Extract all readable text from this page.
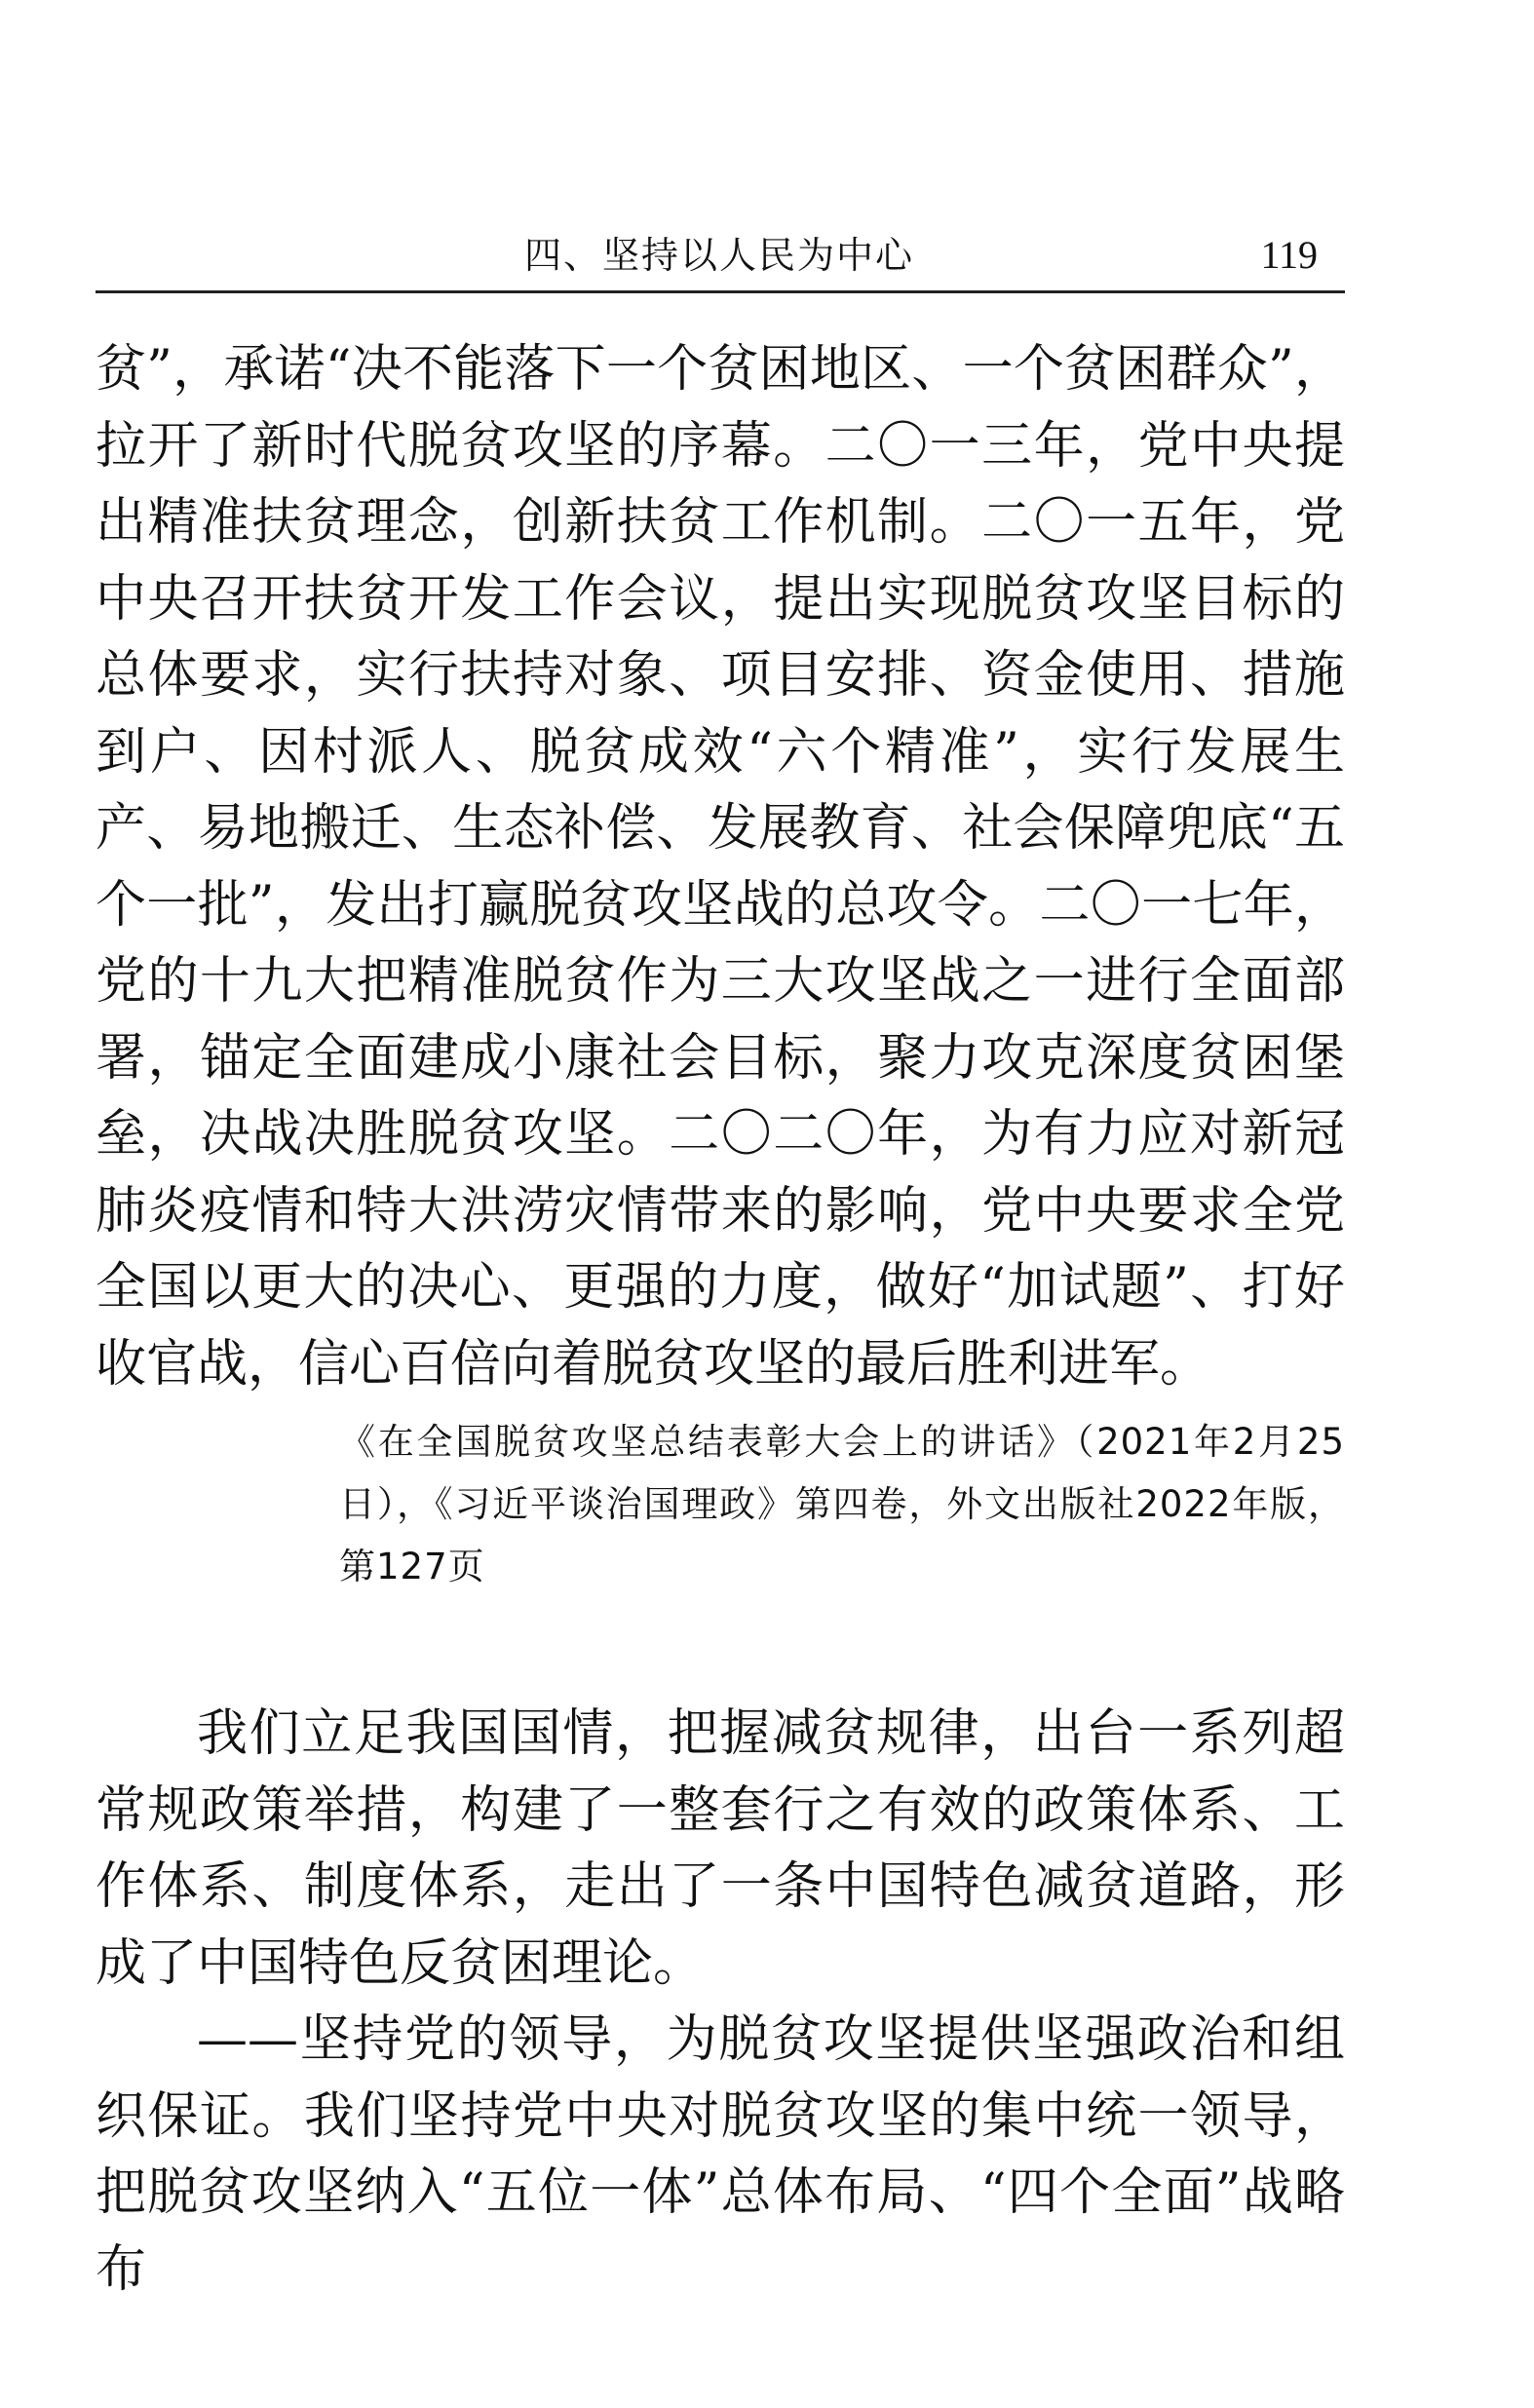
四、坚持以人民为中心	119

贫”，承诺“决不能落下一个贫困地区、一个贫困群众”，拉开了新时代脱贫攻坚的序幕。二〇一三年，党中央提出精准扶贫理念，创新扶贫工作机制。二〇一五年，党中央召开扶贫开发工作会议，提出实现脱贫攻坚目标的总体要求，实行扶持对象、项目安排、资金使用、措施到户、因村派人、脱贫成效“六个精准”，实行发展生产、易地搬迁、生态补偿、发展教育、社会保障兜底“五个一批”，发出打赢脱贫攻坚战的总攻令。二〇一七年，党的十九大把精准脱贫作为三大攻坚战之一进行全面部署，锚定全面建成小康社会目标，聚力攻克深度贫困堡垒，决战决胜脱贫攻坚。二〇二〇年，为有力应对新冠肺炎疫情和特大洪涝灾情带来的影响，党中央要求全党全国以更大的决心、更强的力度，做好“加试题”、打好收官战，信心百倍向着脱贫攻坚的最后胜利进军。

《在全国脱贫攻坚总结表彰大会上的讲话》（2021年2月25日），《习近平谈治国理政》第四卷，外文出版社2022年版，第127页

我们立足我国国情，把握减贫规律，出台一系列超常规政策举措，构建了一整套行之有效的政策体系、工作体系、制度体系，走出了一条中国特色减贫道路，形成了中国特色反贫困理论。

——坚持党的领导，为脱贫攻坚提供坚强政治和组织保证。我们坚持党中央对脱贫攻坚的集中统一领导，把脱贫攻坚纳入“五位一体”总体布局、“四个全面”战略布
